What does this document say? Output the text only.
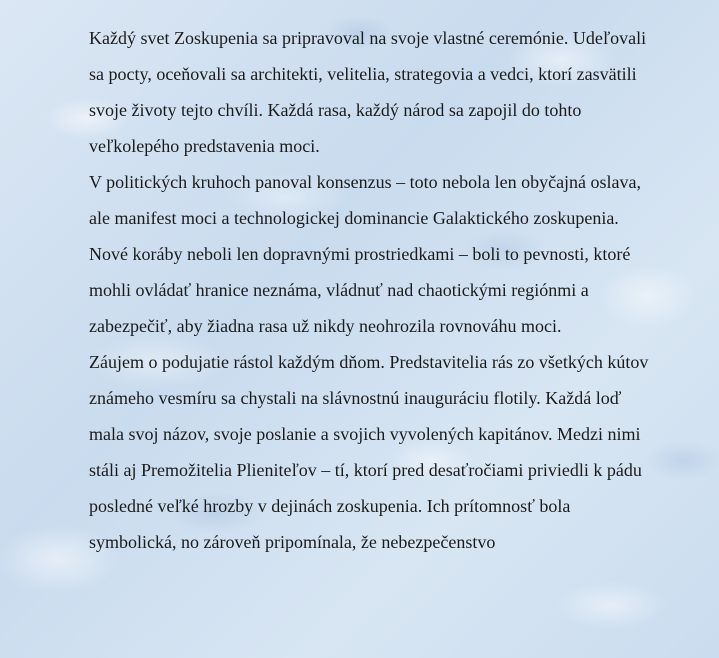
Každý svet Zoskupenia sa pripravoval na svoje vlastné ceremónie. Udeľovali sa pocty, oceňovali sa architekti, velitelia, strategovia a vedci, ktorí zasvätili svoje životy tejto chvíli. Každá rasa, každý národ sa zapojil do tohto veľkolepého predstavenia moci.

V politických kruhoch panoval konsenzus – toto nebola len obyčajná oslava, ale manifest moci a technologickej dominancie Galaktického zoskupenia. Nové koráby neboli len dopravnými prostriedkami – boli to pevnosti, ktoré mohli ovládať hranice neznáma, vládnuť nad chaotickými regiónmi a zabezpečiť, aby žiadna rasa už nikdy neohrozila rovnováhu moci.

Záujem o podujatie rástol každým dňom. Predstavitelia rás zo všetkých kútov známeho vesmíru sa chystali na slávnostnú inauguráciu flotily. Každá loď mala svoj názov, svoje poslanie a svojich vyvolených kapitánov. Medzi nimi stáli aj Premožitelia Plieniteľov – tí, ktorí pred desaťročiami priviedli k pádu posledné veľké hrozby v dejinách zoskupenia. Ich prítomnosť bola symbolická, no zároveň pripomínala, že nebezpečenstvo
